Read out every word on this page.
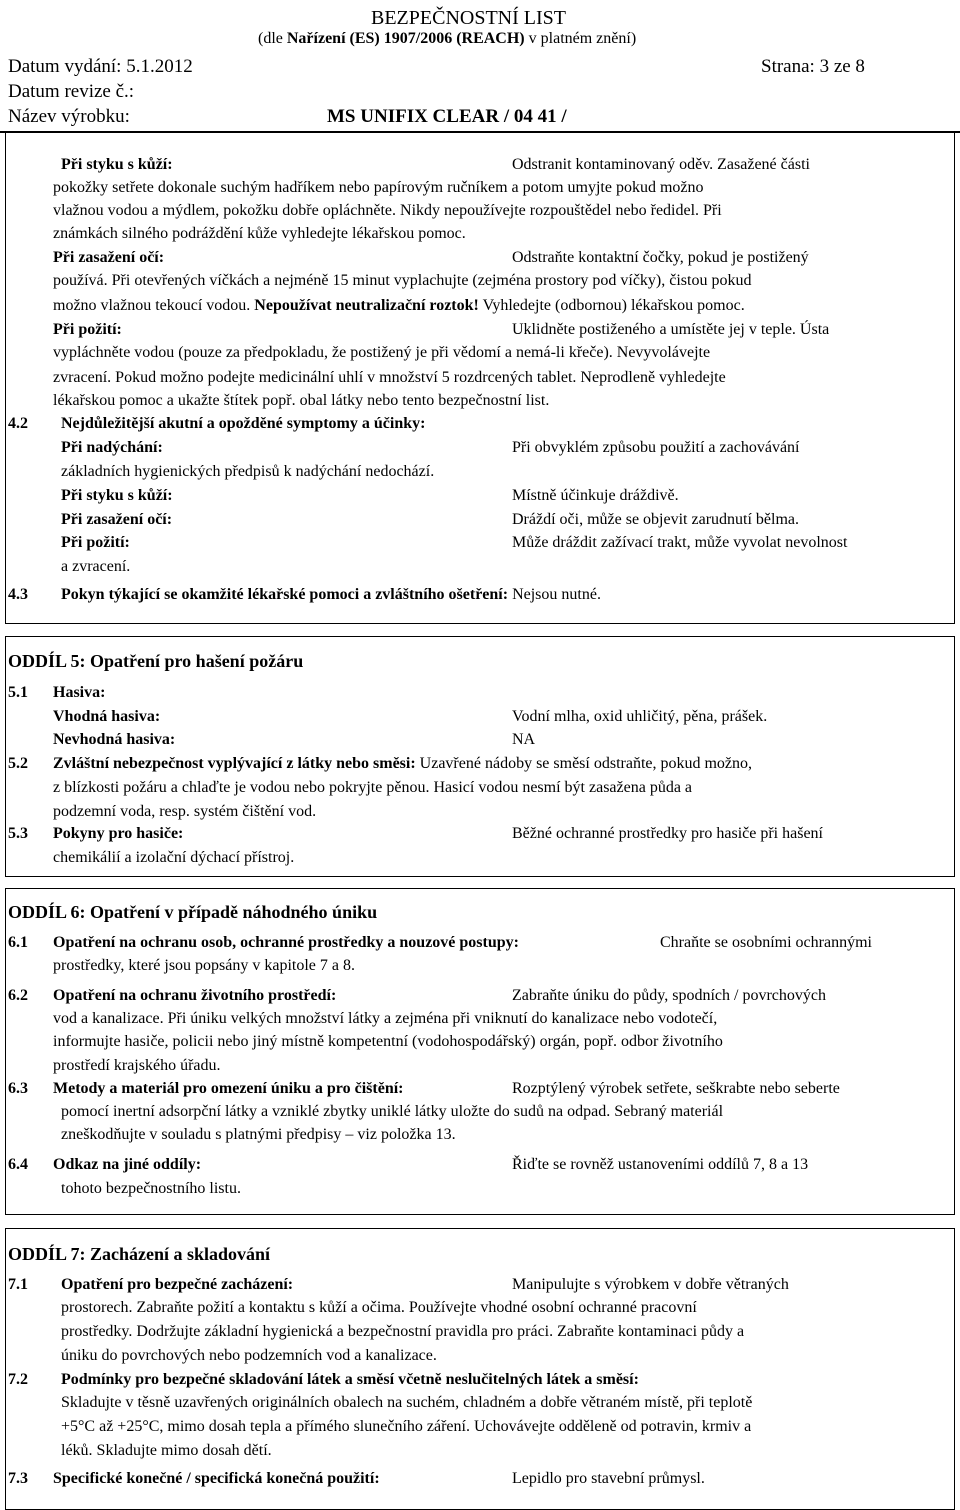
BEZPEČNOSTNÍ LIST
(dle Nařízení (ES) 1907/2006 (REACH) v platném znění)
Datum vydání: 5.1.2012	Strana: 3 ze 8
Datum revize č.:
Název výrobku:	MS UNIFIX CLEAR / 04 41 /
Při styku s kůží:	Odstranit kontaminovaný oděv. Zasažené části
pokožky setřete dokonale suchým hadříkem nebo papírovým ručníkem a potom umyjte pokud možno
vlažnou vodou a mýdlem, pokožku dobře opláchněte. Nikdy nepoužívejte rozpouštědel nebo ředidel. Při
známkách silného podráždění kůže vyhledejte lékařskou pomoc.
Při zasažení očí:	Odstraňte kontaktní čočky, pokud je postižený
používá. Při otevřených víčkách a nejméně 15 minut vyplachujte (zejména prostory pod víčky), čistou pokud
možno vlažnou tekoucí vodou. Nepoužívat neutralizační roztok! Vyhledejte (odbornou) lékařskou pomoc.
Při požití:	Uklidněte postiženého a umístěte jej v teple. Ústa
vypláchněte vodou (pouze za předpokladu, že postižený je při vědomí a nemá-li křeče). Nevyvolávejte
zvracení. Pokud možno podejte medicinální uhlí v množství 5 rozdrcených tablet. Neprodleně vyhledejte
lékařskou pomoc a ukažte štítek popř. obal látky nebo tento bezpečnostní list.
4.2 Nejdůležitější akutní a opožděné symptomy a účinky:
Při nadýchání:	Při obvyklém způsobu použití a zachovávání
základních hygienických předpisů k nadýchání nedochází.
Při styku s kůží:	Místně účinkuje dráždivě.
Při zasažení očí:	Dráždí oči, může se objevit zarudnutí bělma.
Při požití:	Může dráždit zažívací trakt, může vyvolat nevolnost
a zvracení.
4.3 Pokyn týkající se okamžité lékařské pomoci a zvláštního ošetření: Nejsou nutné.
ODDÍL 5: Opatření pro hašení požáru
5.1 Hasiva:
Vhodná hasiva:	Vodní mlha, oxid uhličitý, pěna, prášek.
Nevhodná hasiva:	NA
5.2 Zvláštní nebezpečnost vyplývající z látky nebo směsi: Uzavřené nádoby se směsí odstraňte, pokud možno,
z blízkosti požáru a chlaďte je vodou nebo pokryjte pěnou. Hasicí vodou nesmí být zasažena půda a
podzemní voda, resp. systém čištění vod.
5.3 Pokyny pro hasiče:	Běžné ochranné prostředky pro hasiče při hašení
chemikálií a izolační dýchací přístroj.
ODDÍL 6: Opatření v případě náhodného úniku
6.1 Opatření na ochranu osob, ochranné prostředky a nouzové postupy:	Chraňte se osobními ochrannými
prostředky, které jsou popsány v kapitole 7 a 8.
6.2 Opatření na ochranu životního prostředí:	Zabraňte úniku do půdy, spodních / povrchových
vod a kanalizace. Při úniku velkých množství látky a zejména při vniknutí do kanalizace nebo vodotečí,
informujte hasiče, policii nebo jiný místně kompetentní (vodohospodářský) orgán, popř. odbor životního
prostředí krajského úřadu.
6.3 Metody a materiál pro omezení úniku a pro čištění:	Rozptýlený výrobek setřete, seškrabte nebo seberte
pomocí inertní adsorpční látky a vzniklé zbytky uniklé látky uložte do sudů na odpad. Sebraný materiál
zneškodňujte v souladu s platnými předpisy – viz položka 13.
6.4 Odkaz na jiné oddíly:	Řiďte se rovněž ustanoveními oddílů 7, 8 a 13
tohoto bezpečnostního listu.
ODDÍL 7: Zacházení a skladování
7.1 Opatření pro bezpečné zacházení:	Manipulujte s výrobkem v dobře větraných
prostorech. Zabraňte požití a kontaktu s kůží a očima. Používejte vhodné osobní ochranné pracovní
prostředky. Dodržujte základní hygienická a bezpečnostní pravidla pro práci. Zabraňte kontaminaci půdy a
úniku do povrchových nebo podzemních vod a kanalizace.
7.2 Podmínky pro bezpečné skladování látek a směsí včetně neslučitelných látek a směsí:
Skladujte v těsně uzavřených originálních obalech na suchém, chladném a dobře větraném místě, při teplotě
+5°C až +25°C, mimo dosah tepla a přímého slunečního záření. Uchovávejte odděleně od potravin, krmiv a
léků. Skladujte mimo dosah dětí.
7.3 Specifické konečné / specifická konečná použití:	Lepidlo pro stavební průmysl.
